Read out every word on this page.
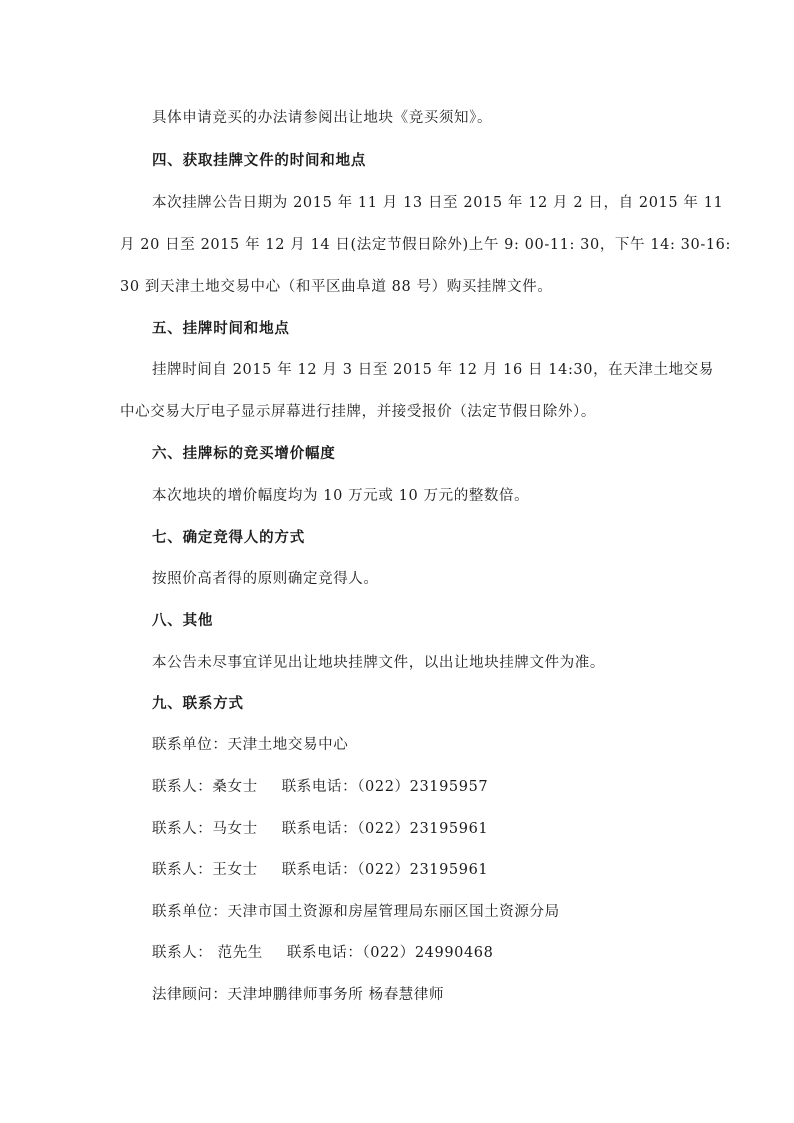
具体申请竞买的办法请参阅出让地块《竞买须知》。
四、获取挂牌文件的时间和地点
本次挂牌公告日期为 2015 年 11 月 13 日至 2015 年 12 月 2 日，自 2015 年 11
月 20 日至 2015 年 12 月 14 日(法定节假日除外)上午 9: 00-11: 30，下午 14: 30-16:
30 到天津土地交易中心（和平区曲阜道 88 号）购买挂牌文件。
五、挂牌时间和地点
挂牌时间自 2015 年 12 月 3 日至 2015 年 12 月 16 日 14:30，在天津土地交易
中心交易大厅电子显示屏幕进行挂牌，并接受报价（法定节假日除外）。
六、挂牌标的竞买增价幅度
本次地块的增价幅度均为 10 万元或 10 万元的整数倍。
七、确定竞得人的方式
按照价高者得的原则确定竞得人。
八、其他
本公告未尽事宜详见出让地块挂牌文件，以出让地块挂牌文件为准。
九、联系方式
联系单位：天津土地交易中心
联系人：桑女士 联系电话：（022）23195957
联系人：马女士 联系电话：（022）23195961
联系人：王女士 联系电话：（022）23195961
联系单位：天津市国土资源和房屋管理局东丽区国土资源分局
联系人： 范先生 联系电话：（022）24990468
法律顾问：天津坤鹏律师事务所 杨春慧律师
